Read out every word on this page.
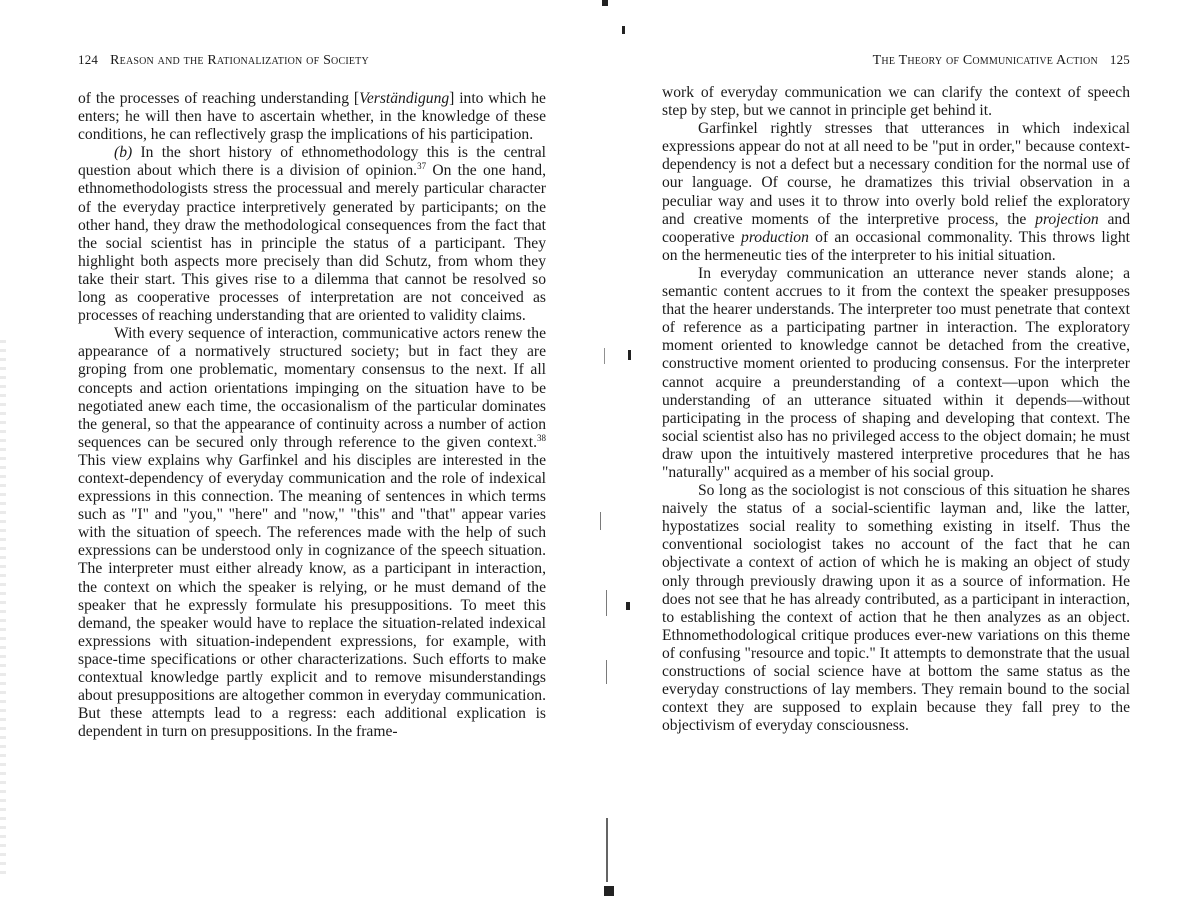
124 Reason and the Rationalization of Society

of the processes of reaching understanding [Verständigung] into which he enters; he will then have to ascertain whether, in the knowledge of these conditions, he can reflectively grasp the implications of his participation.

(b) In the short history of ethnomethodology this is the central question about which there is a division of opinion.$^{37}$ On the one hand, ethnomethodologists stress the processual and merely particular character of the everyday practice interpretively generated by participants; on the other hand, they draw the methodological consequences from the fact that the social scientist has in principle the status of a participant. They highlight both aspects more precisely than did Schutz, from whom they take their start. This gives rise to a dilemma that cannot be resolved so long as cooperative processes of interpretation are not conceived as processes of reaching understanding that are oriented to validity claims.

With every sequence of interaction, communicative actors renew the appearance of a normatively structured society; but in fact they are groping from one problematic, momentary consensus to the next. If all concepts and action orientations impinging on the situation have to be negotiated anew each time, the occasionalism of the particular dominates the general, so that the appearance of continuity across a number of action sequences can be secured only through reference to the given context.$^{38}$ This view explains why Garfinkel and his disciples are interested in the context-dependency of everyday communication and the role of indexical expressions in this connection. The meaning of sentences in which terms such as "I" and "you," "here" and "now," "this" and "that" appear varies with the situation of speech. The references made with the help of such expressions can be understood only in cognizance of the speech situation. The interpreter must either already know, as a participant in interaction, the context on which the speaker is relying, or he must demand of the speaker that he expressly formulate his presuppositions. To meet this demand, the speaker would have to replace the situation-related indexical expressions with situation-independent expressions, for example, with space-time specifications or other characterizations. Such efforts to make contextual knowledge partly explicit and to remove misunderstandings about presuppositions are altogether common in everyday communication. But these attempts lead to a regress: each additional explication is dependent in turn on presuppositions. In the frame-

The Theory of Communicative Action 125

work of everyday communication we can clarify the context of speech step by step, but we cannot in principle get behind it.

Garfinkel rightly stresses that utterances in which indexical expressions appear do not at all need to be "put in order," because context-dependency is not a defect but a necessary condition for the normal use of our language. Of course, he dramatizes this trivial observation in a peculiar way and uses it to throw into overly bold relief the exploratory and creative moments of the interpretive process, the projection and cooperative production of an occasional commonality. This throws light on the hermeneutic ties of the interpreter to his initial situation.

In everyday communication an utterance never stands alone; a semantic content accrues to it from the context the speaker presupposes that the hearer understands. The interpreter too must penetrate that context of reference as a participating partner in interaction. The exploratory moment oriented to knowledge cannot be detached from the creative, constructive moment oriented to producing consensus. For the interpreter cannot acquire a preunderstanding of a context—upon which the understanding of an utterance situated within it depends—without participating in the process of shaping and developing that context. The social scientist also has no privileged access to the object domain; he must draw upon the intuitively mastered interpretive procedures that he has "naturally" acquired as a member of his social group.

So long as the sociologist is not conscious of this situation he shares naively the status of a social-scientific layman and, like the latter, hypostatizes social reality to something existing in itself. Thus the conventional sociologist takes no account of the fact that he can objectivate a context of action of which he is making an object of study only through previously drawing upon it as a source of information. He does not see that he has already contributed, as a participant in interaction, to establishing the context of action that he then analyzes as an object. Ethnomethodological critique produces ever-new variations on this theme of confusing "resource and topic." It attempts to demonstrate that the usual constructions of social science have at bottom the same status as the everyday constructions of lay members. They remain bound to the social context they are supposed to explain because they fall prey to the objectivism of everyday consciousness.
